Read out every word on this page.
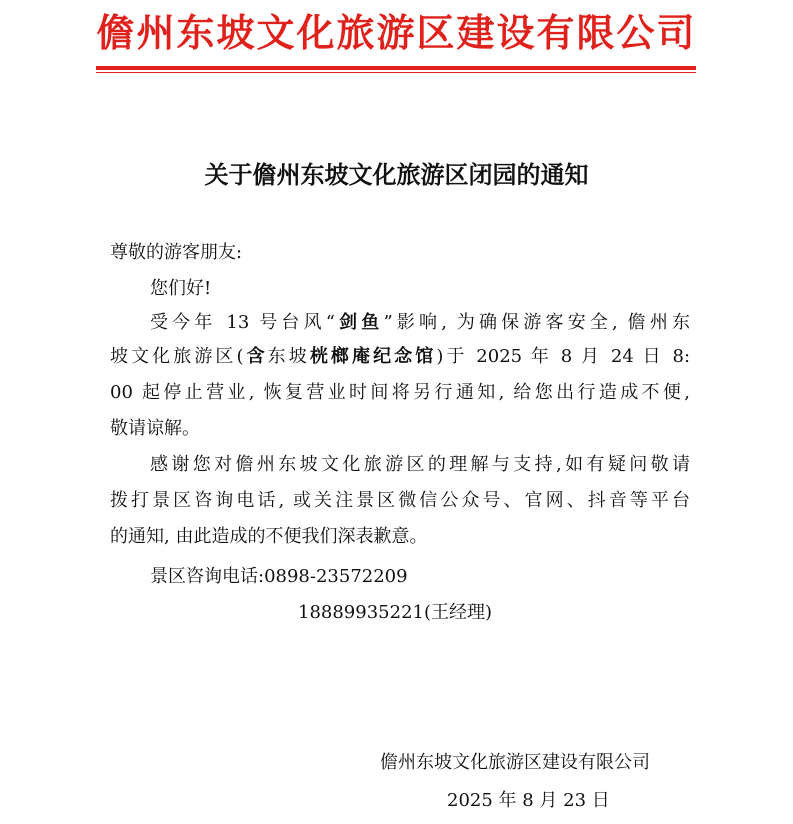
儋州东坡文化旅游区建设有限公司
关于儋州东坡文化旅游区闭园的通知
尊敬的游客朋友:
您们好!
受今年 13 号台风“剑鱼”影响, 为确保游客安全, 儋州东
坡文化旅游区(含东坡桄榔庵纪念馆)于 2025 年 8 月 24 日 8:
00 起停止营业, 恢复营业时间将另行通知, 给您出行造成不便,
敬请谅解。
感谢您对儋州东坡文化旅游区的理解与支持,如有疑问敬请
拨打景区咨询电话, 或关注景区微信公众号、官网、抖音等平台
的通知, 由此造成的不便我们深表歉意。
景区咨询电话:0898-23572209
18889935221(王经理)
儋州东坡文化旅游区建设有限公司
2025 年 8 月 23 日
